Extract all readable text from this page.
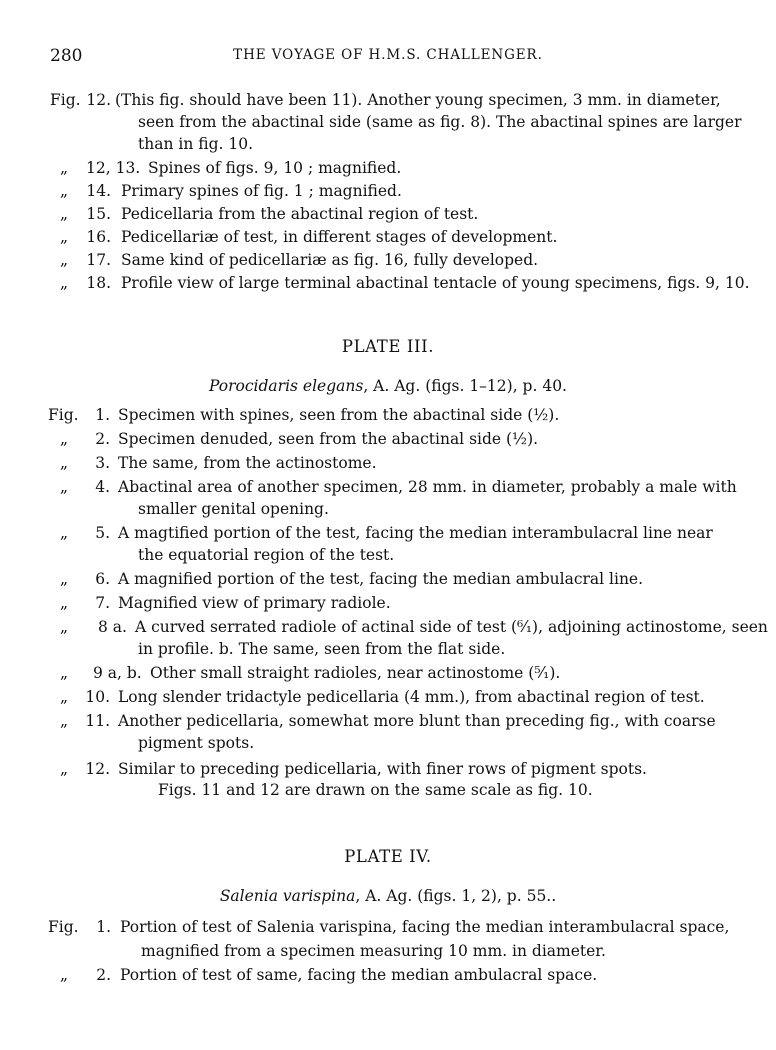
280	THE VOYAGE OF H.M.S. CHALLENGER.
Fig. 12. (This fig. should have been 11). Another young specimen, 3 mm. in diameter,
seen from the abactinal side (same as fig. 8). The abactinal spines are larger
than in fig. 10.
„ 12, 13. Spines of figs. 9, 10 ; magnified.
„ 14. Primary spines of fig. 1 ; magnified.
„ 15. Pedicellaria from the abactinal region of test.
„ 16. Pedicellariæ of test, in different stages of development.
„ 17. Same kind of pedicellariæ as fig. 16, fully developed.
„ 18. Profile view of large terminal abactinal tentacle of young specimens, figs. 9, 10.
PLATE III.
Porocidaris elegans, A. Ag. (figs. 1–12), p. 40.
Fig.	1. Specimen with spines, seen from the abactinal side (½).
„	2. Specimen denuded, seen from the abactinal side (½).
„	3. The same, from the actinostome.
„	4. Abactinal area of another specimen, 28 mm. in diameter, probably a male with
smaller genital opening.
„	5. A magtified portion of the test, facing the median interambulacral line near
the equatorial region of the test.
„	6. A magnified portion of the test, facing the median ambulacral line.
„	7. Magnified view of primary radiole.
„ 8 a. A curved serrated radiole of actinal side of test (⁶⁄₁), adjoining actinostome, seen
in profile. b. The same, seen from the flat side.
„ 9 a, b. Other small straight radioles, near actinostome (⁵⁄₁).
„	10. Long slender tridactyle pedicellaria (4 mm.), from abactinal region of test.
„	11. Another pedicellaria, somewhat more blunt than preceding fig., with coarse
pigment spots.
„	12. Similar to preceding pedicellaria, with finer rows of pigment spots.
Figs. 11 and 12 are drawn on the same scale as fig. 10.
PLATE IV.
Salenia varispina, A. Ag. (figs. 1, 2), p. 55..
Fig.	1. Portion of test of Salenia varispina, facing the median interambulacral space,
magnified from a specimen measuring 10 mm. in diameter.
„	2. Portion of test of same, facing the median ambulacral space.
